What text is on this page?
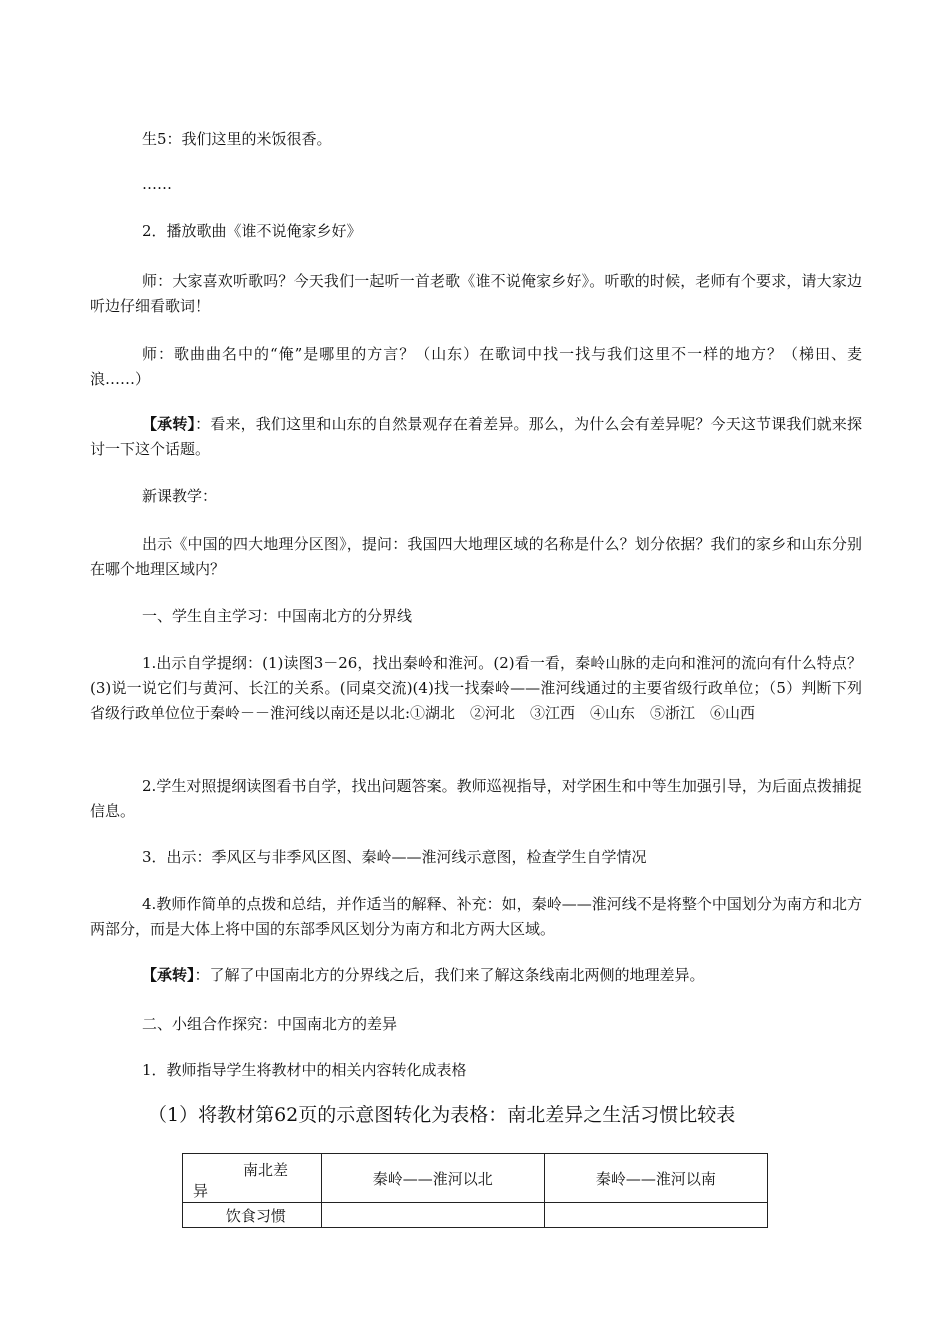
生5：我们这里的米饭很香。

……

2．播放歌曲《谁不说俺家乡好》

师：大家喜欢听歌吗？今天我们一起听一首老歌《谁不说俺家乡好》。听歌的时候，老师有个要求，请大家边听边仔细看歌词！

师：歌曲曲名中的“俺”是哪里的方言？（山东）在歌词中找一找与我们这里不一样的地方？（梯田、麦浪……）

【承转】：看来，我们这里和山东的自然景观存在着差异。那么，为什么会有差异呢？今天这节课我们就来探讨一下这个话题。

新课教学：

出示《中国的四大地理分区图》，提问：我国四大地理区域的名称是什么？划分依据？我们的家乡和山东分别在哪个地理区域内？

一、学生自主学习：中国南北方的分界线

1.出示自学提纲：(1)读图3－26，找出秦岭和淮河。(2)看一看，秦岭山脉的走向和淮河的流向有什么特点？(3)说一说它们与黄河、长江的关系。(同桌交流)(4)找一找秦岭——淮河线通过的主要省级行政单位；（5）判断下列省级行政单位位于秦岭－－淮河线以南还是以北:①湖北　②河北　③江西　④山东　⑤浙江　⑥山西

2.学生对照提纲读图看书自学，找出问题答案。教师巡视指导，对学困生和中等生加强引导，为后面点拨捕捉信息。

3．出示：季风区与非季风区图、秦岭——淮河线示意图，检查学生自学情况

4.教师作简单的点拨和总结，并作适当的解释、补充：如，秦岭——淮河线不是将整个中国划分为南方和北方两部分，而是大体上将中国的东部季风区划分为南方和北方两大区域。

【承转】：了解了中国南北方的分界线之后，我们来了解这条线南北两侧的地理差异。

二、小组合作探究：中国南北方的差异

1．教师指导学生将教材中的相关内容转化成表格

（1）将教材第62页的示意图转化为表格：南北差异之生活习惯比较表

南北差
异	秦岭——淮河以北	秦岭——淮河以南
饮食习惯		
